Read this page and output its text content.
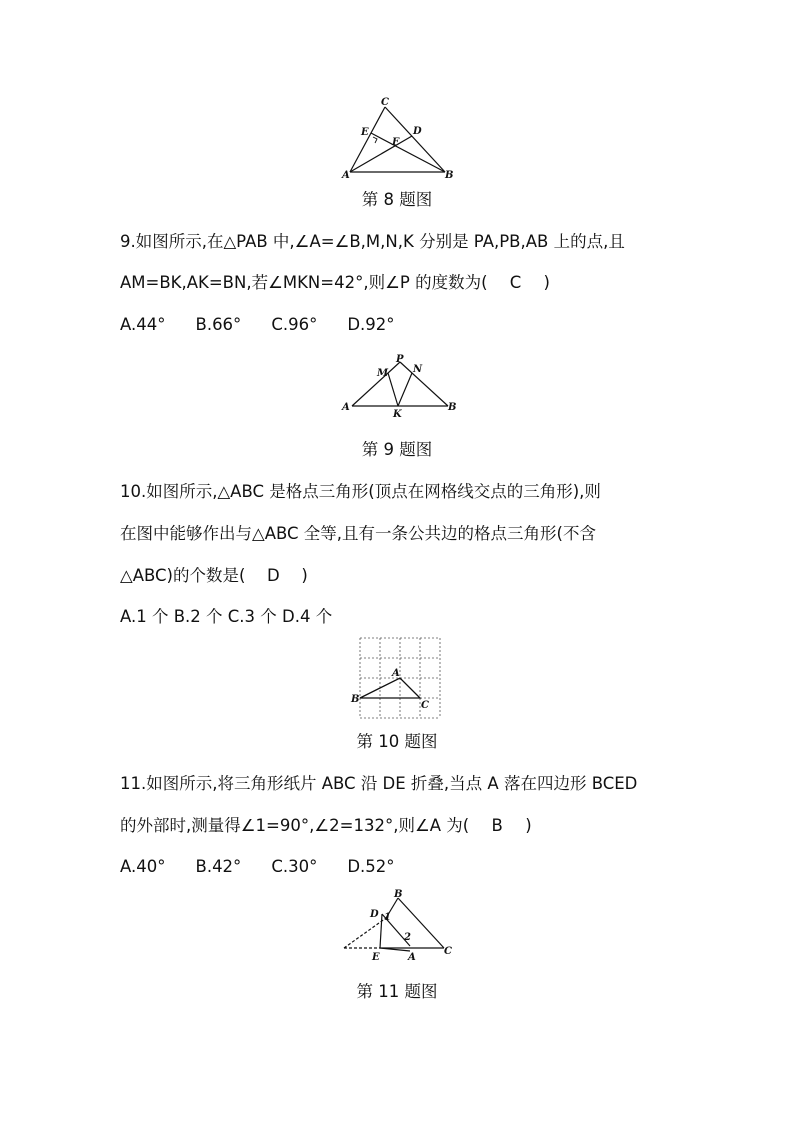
C
E	D
F
A	B
第 8 题图
9.如图所示,在△PAB 中,∠A=∠B,M,N,K 分别是 PA,PB,AB 上的点,且
AM=BK,AK=BN,若∠MKN=42°,则∠P 的度数为( C )
A.44° B.66° C.96° D.92°
P
M N
A
K
B
第 9 题图
10.如图所示,△ABC 是格点三角形(顶点在网格线交点的三角形),则
在图中能够作出与△ABC 全等,且有一条公共边的格点三角形(不含
△ABC)的个数是( D )
A.1 个 B.2 个 C.3 个 D.4 个
A
B
C
第 10 题图
11.如图所示,将三角形纸片 ABC 沿 DE 折叠,当点 A 落在四边形 BCED
的外部时,测量得∠1=90°,∠2=132°,则∠A 为( B )
A.40° B.42° C.30° D.52°
B
D 1
2
E	A
C
第 11 题图
